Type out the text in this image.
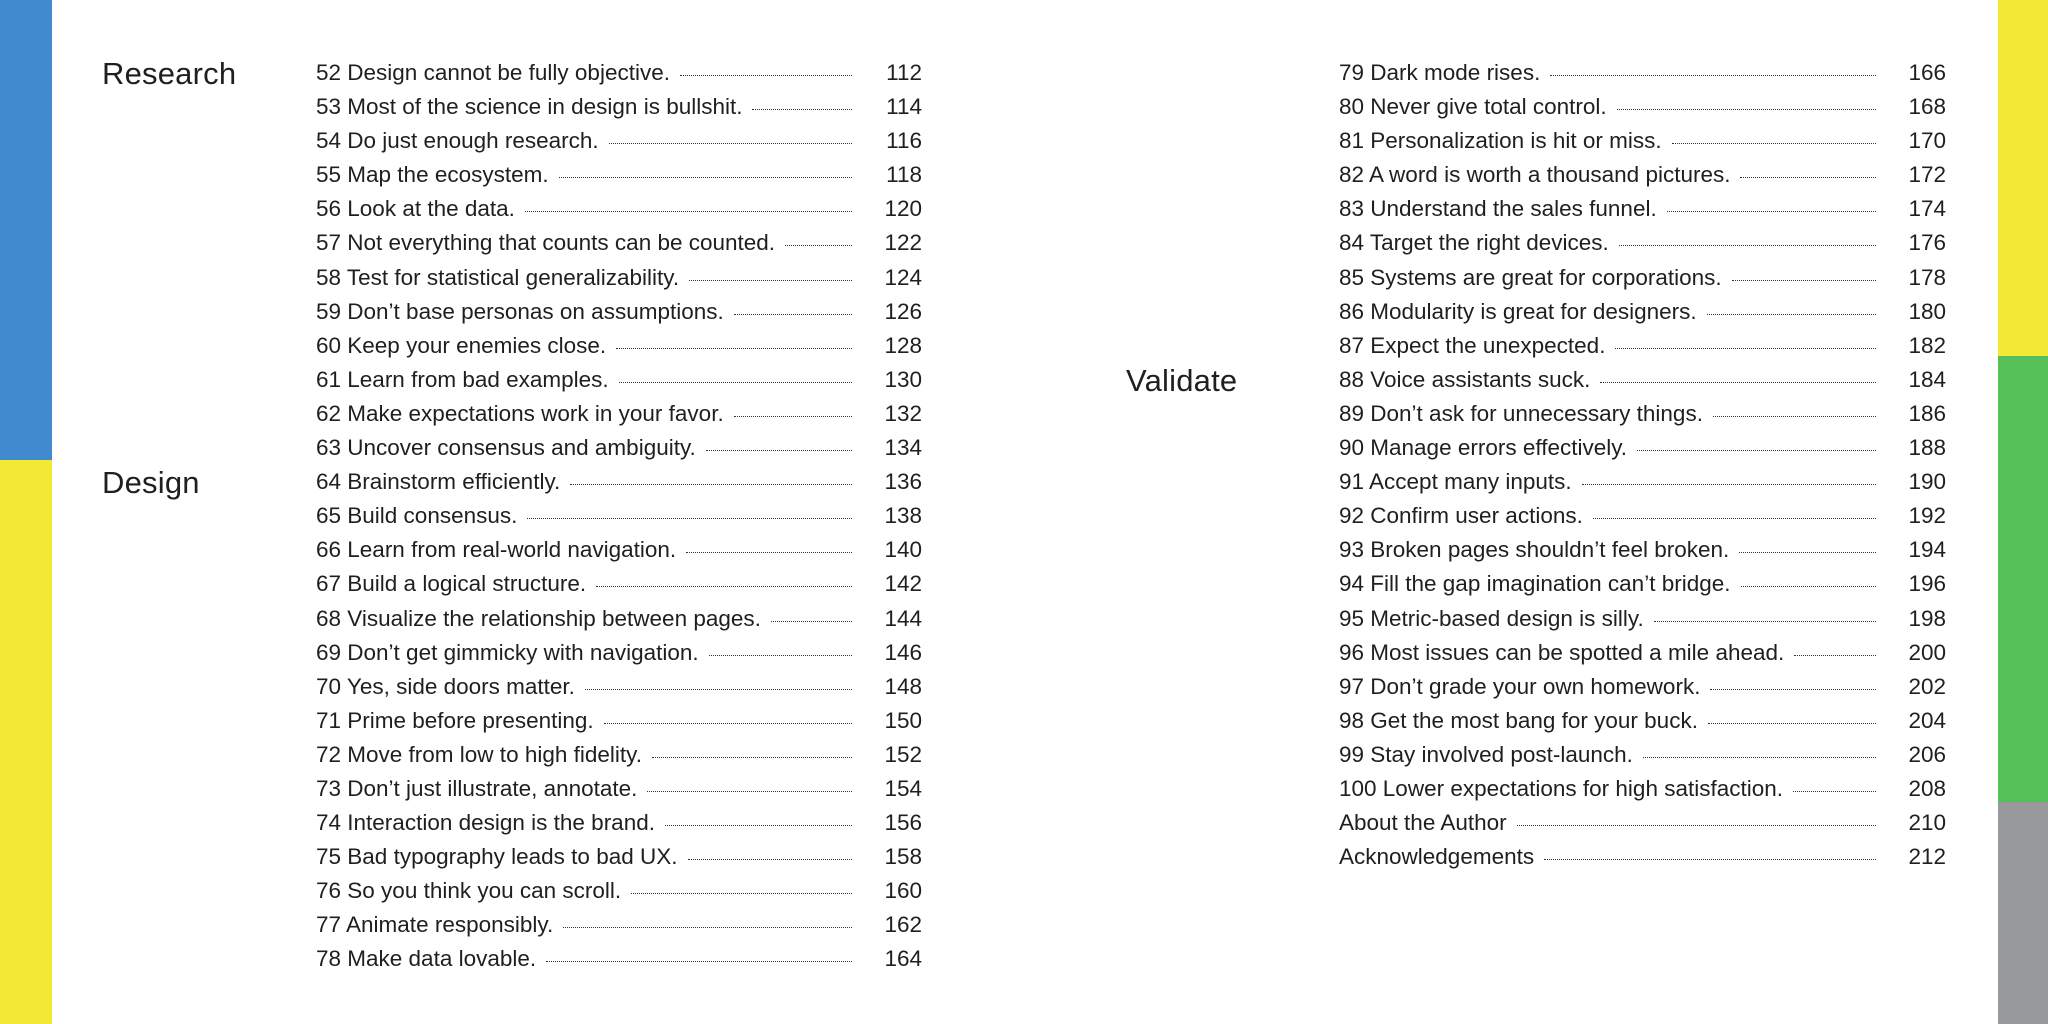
Research
Design
Validate
52 Design cannot be fully objective.	112
53 Most of the science in design is bullshit.	114
54 Do just enough research.	116
55 Map the ecosystem.	118
56 Look at the data.	120
57 Not everything that counts can be counted.	122
58 Test for statistical generalizability.	124
59 Don’t base personas on assumptions.	126
60 Keep your enemies close.	128
61 Learn from bad examples.	130
62 Make expectations work in your favor.	132
63 Uncover consensus and ambiguity.	134
64 Brainstorm efficiently.	136
65 Build consensus.	138
66 Learn from real-world navigation.	140
67 Build a logical structure.	142
68 Visualize the relationship between pages.	144
69 Don’t get gimmicky with navigation.	146
70 Yes, side doors matter.	148
71 Prime before presenting.	150
72 Move from low to high fidelity.	152
73 Don’t just illustrate, annotate.	154
74 Interaction design is the brand.	156
75 Bad typography leads to bad UX.	158
76 So you think you can scroll.	160
77 Animate responsibly.	162
78 Make data lovable.	164
79 Dark mode rises.	166
80 Never give total control.	168
81 Personalization is hit or miss.	170
82 A word is worth a thousand pictures.	172
83 Understand the sales funnel.	174
84 Target the right devices.	176
85 Systems are great for corporations.	178
86 Modularity is great for designers.	180
87 Expect the unexpected.	182
88 Voice assistants suck.	184
89 Don’t ask for unnecessary things.	186
90 Manage errors effectively.	188
91 Accept many inputs.	190
92 Confirm user actions.	192
93 Broken pages shouldn’t feel broken.	194
94 Fill the gap imagination can’t bridge.	196
95 Metric-based design is silly.	198
96 Most issues can be spotted a mile ahead.	200
97 Don’t grade your own homework.	202
98 Get the most bang for your buck.	204
99 Stay involved post-launch.	206
100 Lower expectations for high satisfaction.	208
About the Author	210
Acknowledgements	212
